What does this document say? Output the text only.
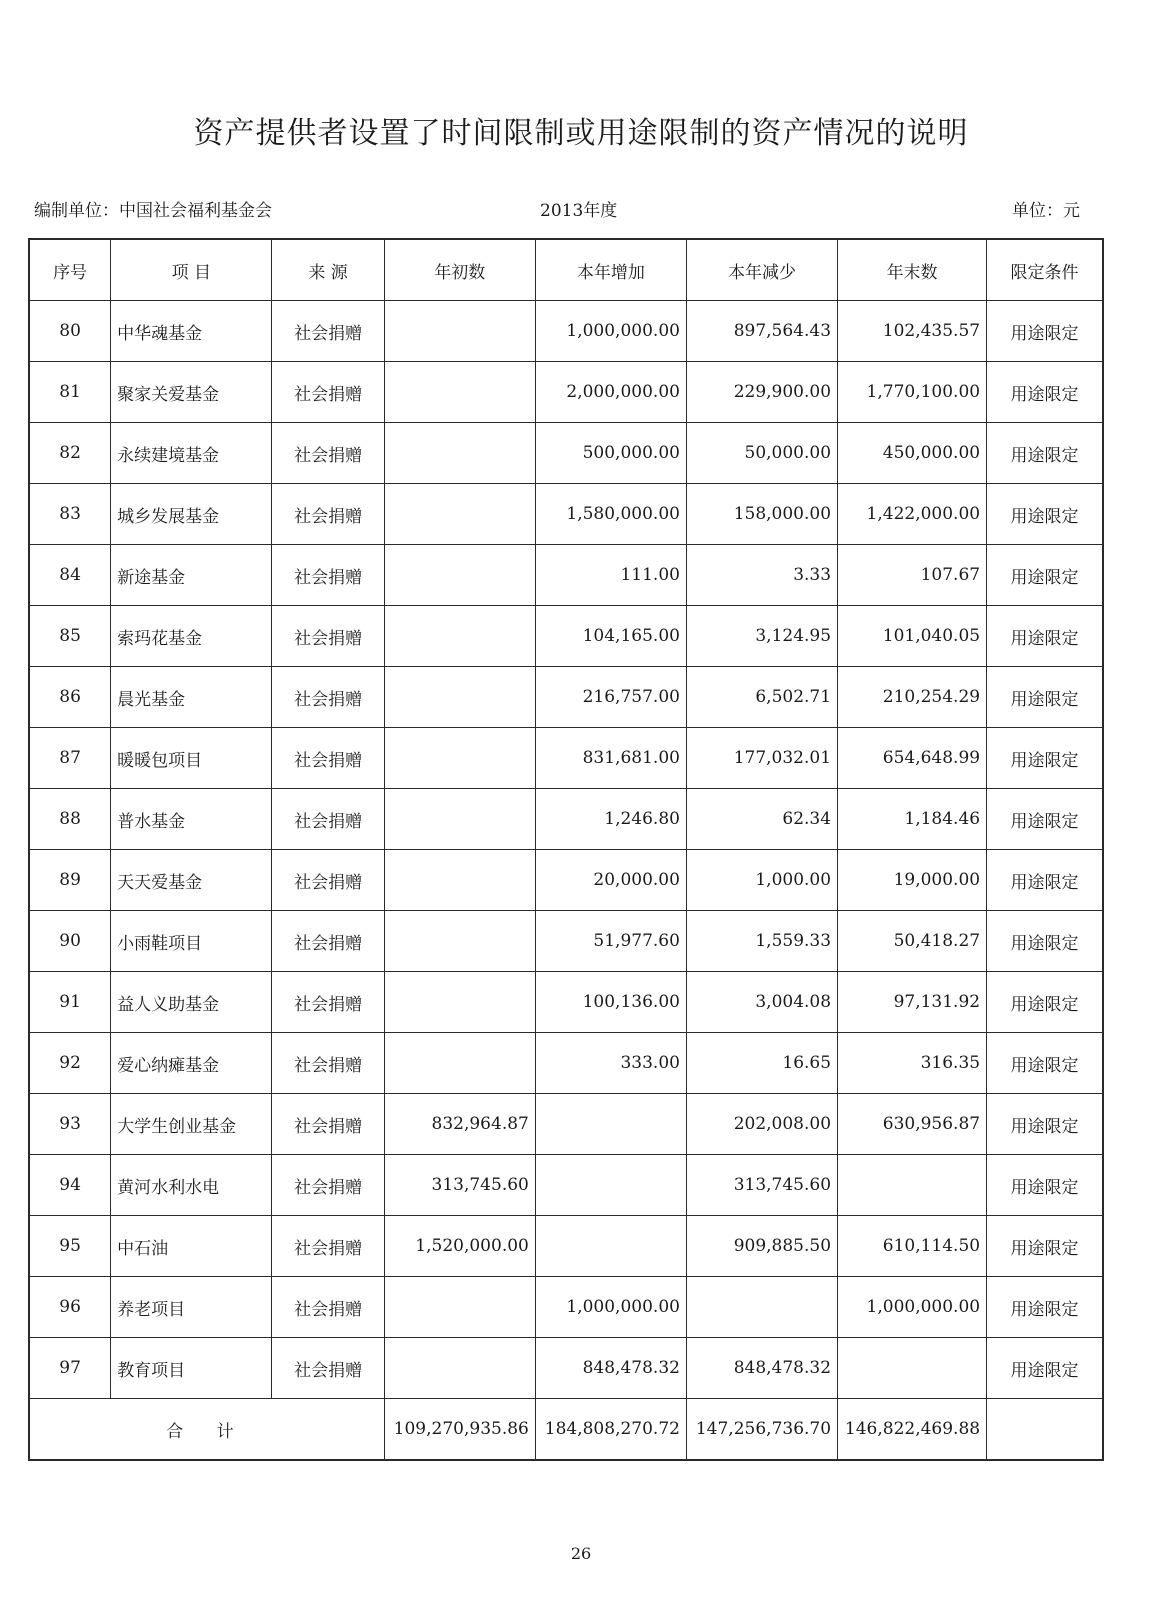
资产提供者设置了时间限制或用途限制的资产情况的说明
编制单位：中国社会福利基金会	2013年度	单位：元
序号	项 目	来 源	年初数	本年增加	本年减少	年末数	限定条件
80	中华魂基金	社会捐赠		1,000,000.00	897,564.43	102,435.57	用途限定
81	聚家关爱基金	社会捐赠		2,000,000.00	229,900.00	1,770,100.00	用途限定
82	永续建境基金	社会捐赠		500,000.00	50,000.00	450,000.00	用途限定
83	城乡发展基金	社会捐赠		1,580,000.00	158,000.00	1,422,000.00	用途限定
84	新途基金	社会捐赠		111.00	3.33	107.67	用途限定
85	索玛花基金	社会捐赠		104,165.00	3,124.95	101,040.05	用途限定
86	晨光基金	社会捐赠		216,757.00	6,502.71	210,254.29	用途限定
87	暖暖包项目	社会捐赠		831,681.00	177,032.01	654,648.99	用途限定
88	普水基金	社会捐赠		1,246.80	62.34	1,184.46	用途限定
89	天天爱基金	社会捐赠		20,000.00	1,000.00	19,000.00	用途限定
90	小雨鞋项目	社会捐赠		51,977.60	1,559.33	50,418.27	用途限定
91	益人义助基金	社会捐赠		100,136.00	3,004.08	97,131.92	用途限定
92	爱心纳瘫基金	社会捐赠		333.00	16.65	316.35	用途限定
93	大学生创业基金	社会捐赠	832,964.87		202,008.00	630,956.87	用途限定
94	黄河水利水电	社会捐赠	313,745.60		313,745.60		用途限定
95	中石油	社会捐赠	1,520,000.00		909,885.50	610,114.50	用途限定
96	养老项目	社会捐赠		1,000,000.00		1,000,000.00	用途限定
97	教育项目	社会捐赠		848,478.32	848,478.32		用途限定
合 计			109,270,935.86	184,808,270.72	147,256,736.70	146,822,469.88	
26
